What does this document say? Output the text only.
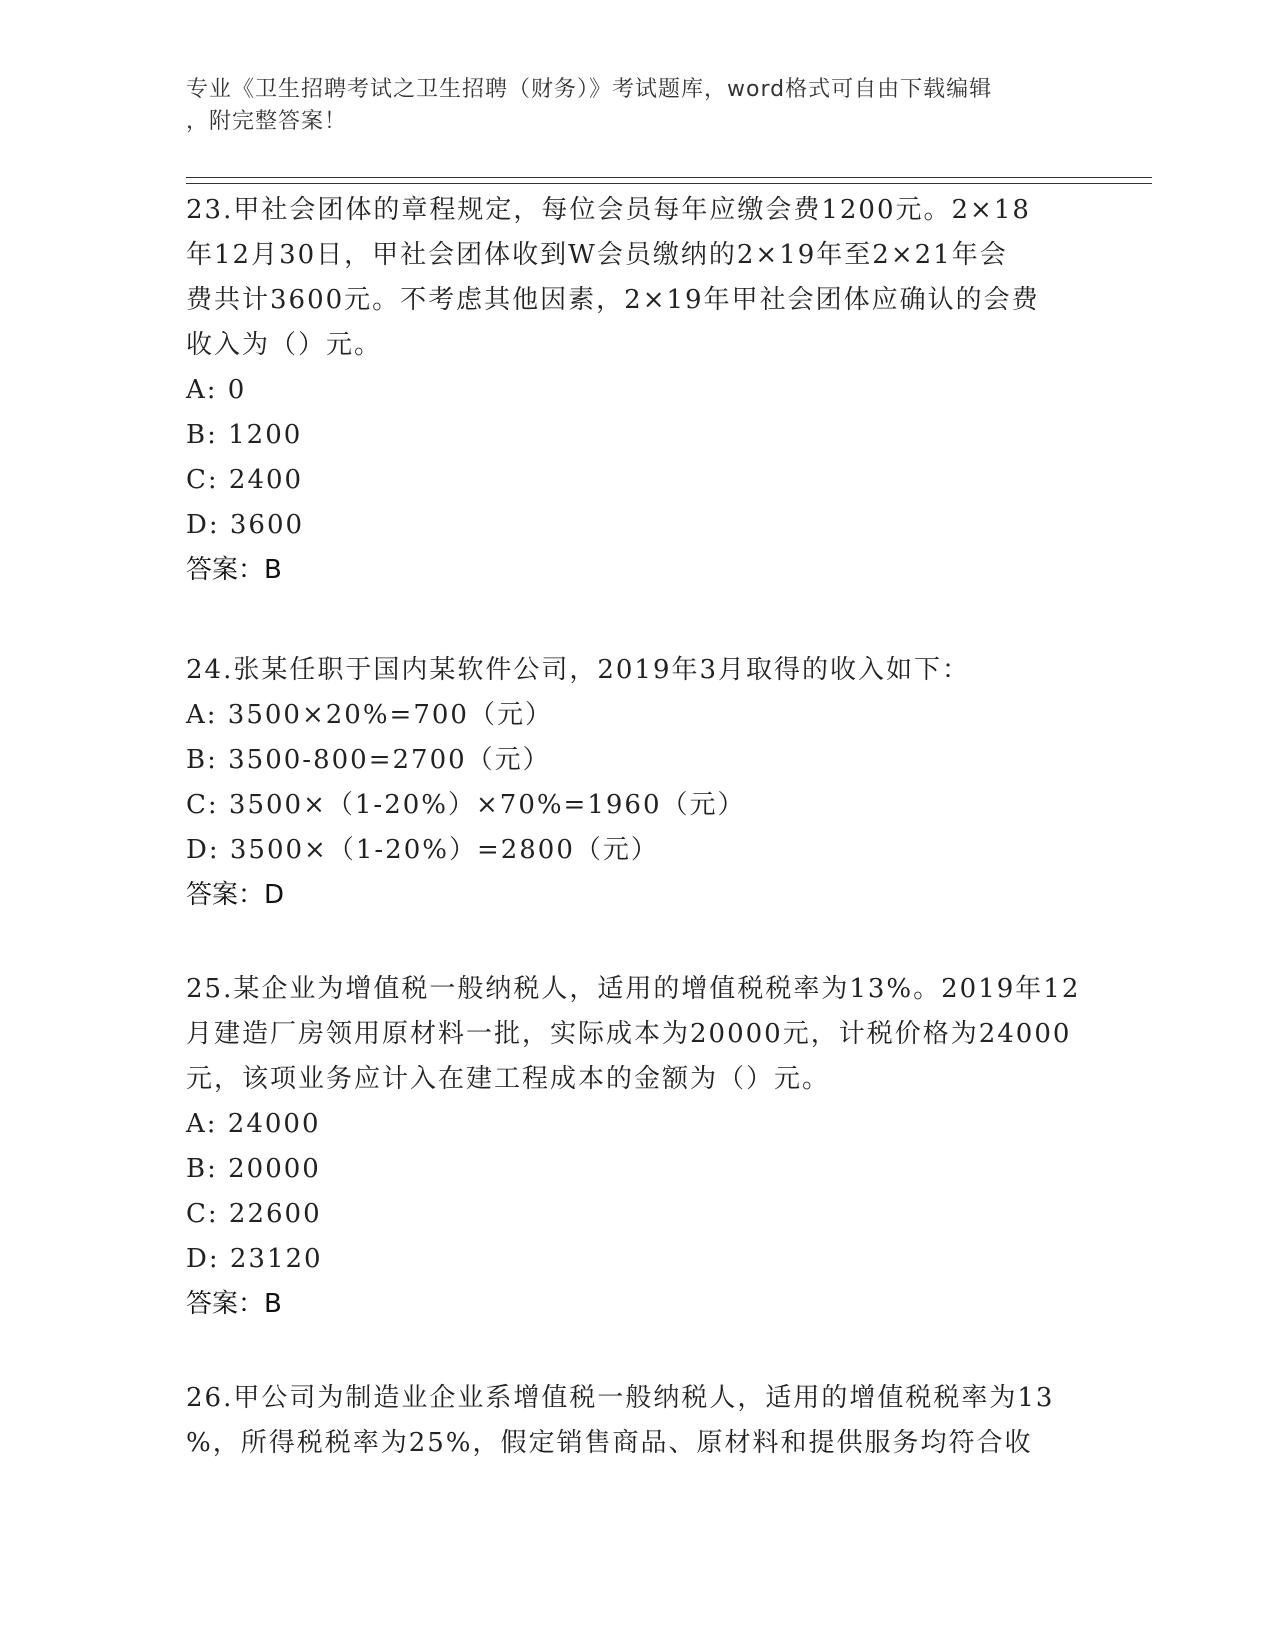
专业《卫生招聘考试之卫生招聘（财务）》考试题库，word格式可自由下载编辑
，附完整答案！
23.甲社会团体的章程规定，每位会员每年应缴会费1200元。2×18
年12月30日，甲社会团体收到W会员缴纳的2×19年至2×21年会
费共计3600元。不考虑其他因素，2×19年甲社会团体应确认的会费
收入为（）元。
A: 0
B: 1200
C: 2400
D: 3600
答案：B
24.张某任职于国内某软件公司，2019年3月取得的收入如下：
A: 3500×20%=700（元）
B: 3500-800=2700（元）
C: 3500×（1-20%）×70%=1960（元）
D: 3500×（1-20%）=2800（元）
答案：D
25.某企业为增值税一般纳税人，适用的增值税税率为13%。2019年12
月建造厂房领用原材料一批，实际成本为20000元，计税价格为24000
元，该项业务应计入在建工程成本的金额为（）元。
A: 24000
B: 20000
C: 22600
D: 23120
答案：B
26.甲公司为制造业企业系增值税一般纳税人，适用的增值税税率为13
%，所得税税率为25%，假定销售商品、原材料和提供服务均符合收
